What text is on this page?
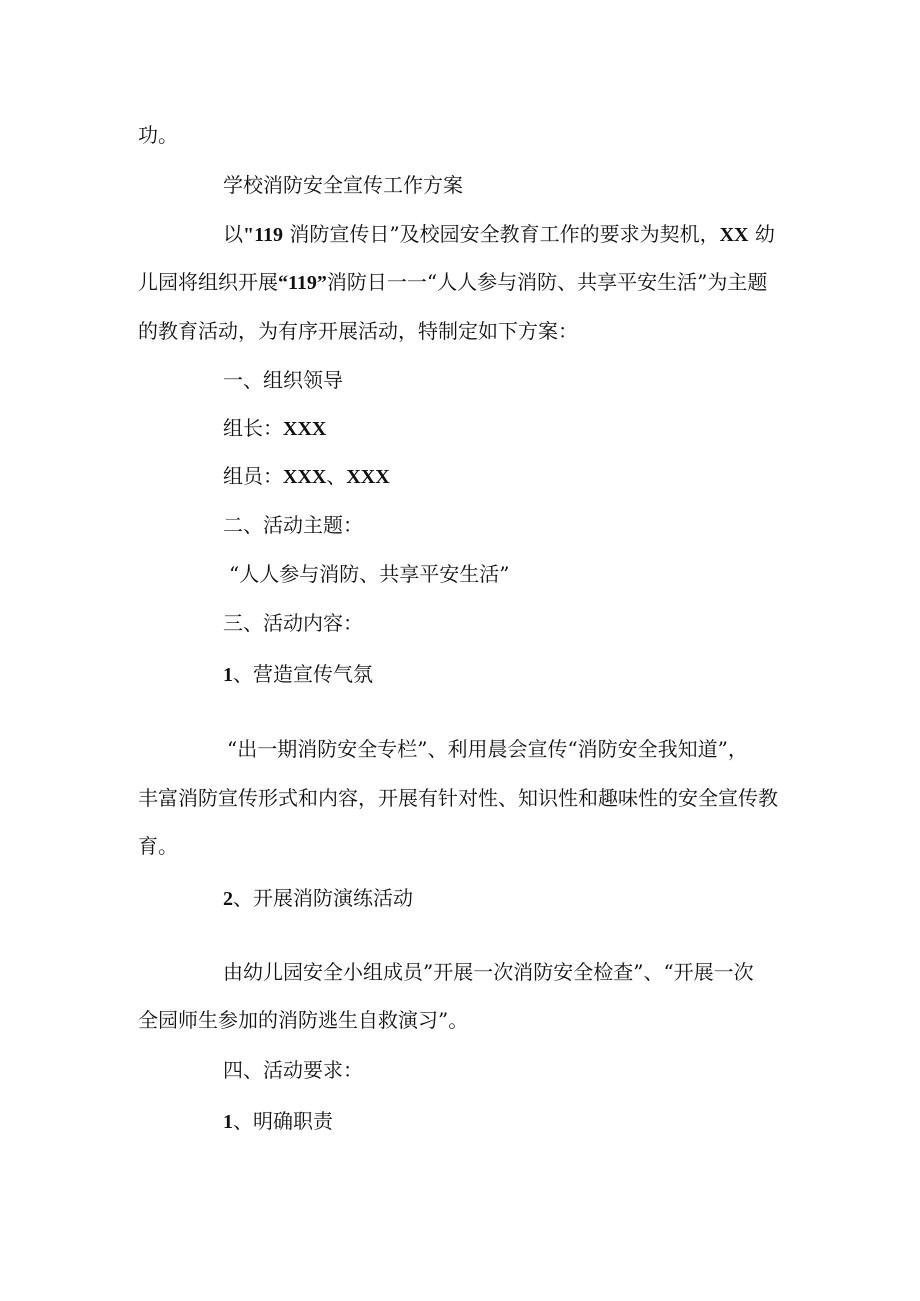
功。
学校消防安全宣传工作方案
以"119 消防宣传日”及校园安全教育工作的要求为契机，XX 幼
儿园将组织开展“119”消防日一一“人人参与消防、共享平安生活”为主题
的教育活动，为有序开展活动，特制定如下方案：
一、组织领导
组长：XXX
组员：XXX、XXX
二、活动主题：
“人人参与消防、共享平安生活”
三、活动内容：
1、营造宣传气氛
“出一期消防安全专栏”、利用晨会宣传“消防安全我知道”，
丰富消防宣传形式和内容，开展有针对性、知识性和趣味性的安全宣传教
育。
2、开展消防演练活动
由幼儿园安全小组成员”开展一次消防安全检查”、“开展一次
全园师生参加的消防逃生自救演习”。
四、活动要求：
1、明确职责
